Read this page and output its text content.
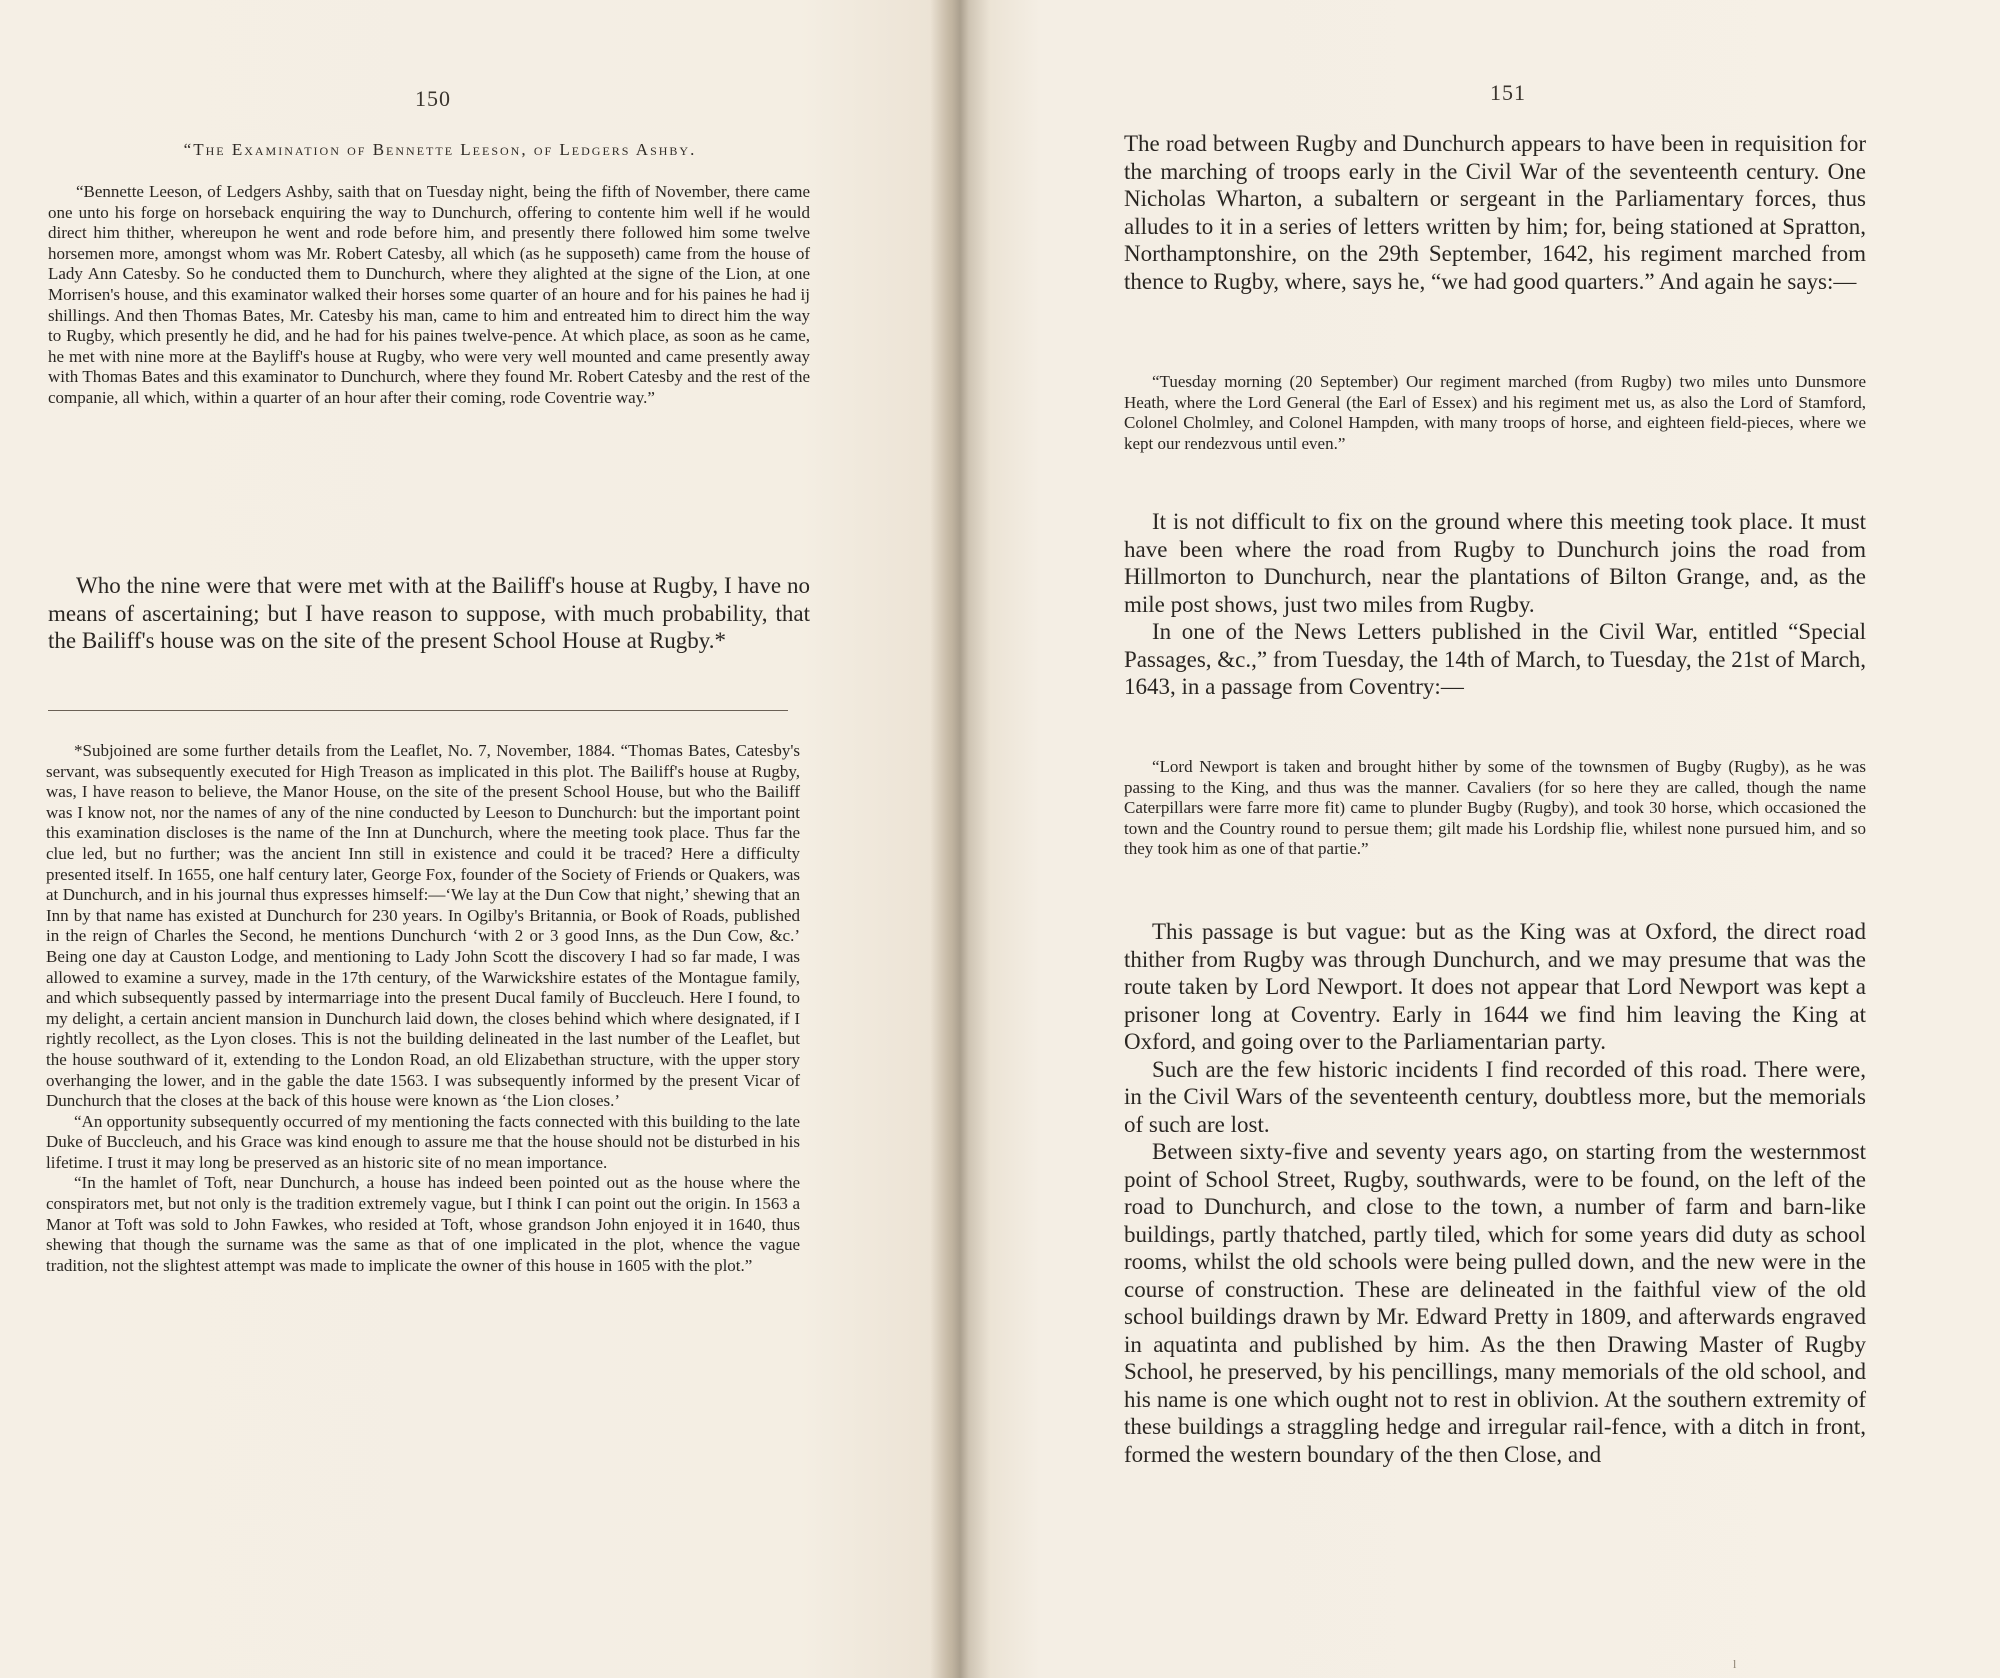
150
“The Examination of Bennette Leeson, of Ledgers Ashby.

“Bennette Leeson, of Ledgers Ashby, saith that on Tuesday night, being the fifth of November, there came one unto his forge on horseback enquiring the way to Dunchurch, offering to contente him well if he would direct him thither, whereupon he went and rode before him, and presently there followed him some twelve horsemen more, amongst whom was Mr. Robert Catesby, all which (as he supposeth) came from the house of Lady Ann Catesby. So he conducted them to Dunchurch, where they alighted at the signe of the Lion, at one Morrisen's house, and this examinator walked their horses some quarter of an houre and for his paines he had ij shillings. And then Thomas Bates, Mr. Catesby his man, came to him and entreated him to direct him the way to Rugby, which presently he did, and he had for his paines twelve-pence. At which place, as soon as he came, he met with nine more at the Bayliff's house at Rugby, who were very well mounted and came presently away with Thomas Bates and this examinator to Dunchurch, where they found Mr. Robert Catesby and the rest of the companie, all which, within a quarter of an hour after their coming, rode Coventrie way.”

Who the nine were that were met with at the Bailiff's house at Rugby, I have no means of ascertaining; but I have reason to suppose, with much probability, that the Bailiff's house was on the site of the present School House at Rugby.*

*Subjoined are some further details from the Leaflet, No. 7, November, 1884. “Thomas Bates, Catesby's servant, was subsequently executed for High Treason as implicated in this plot. The Bailiff's house at Rugby, was, I have reason to believe, the Manor House, on the site of the present School House, but who the Bailiff was I know not, nor the names of any of the nine conducted by Leeson to Dunchurch: but the important point this examination discloses is the name of the Inn at Dunchurch, where the meeting took place. Thus far the clue led, but no further; was the ancient Inn still in existence and could it be traced? Here a difficulty presented itself. In 1655, one half century later, George Fox, founder of the Society of Friends or Quakers, was at Dunchurch, and in his journal thus expresses himself:—‘We lay at the Dun Cow that night,’ shewing that an Inn by that name has existed at Dunchurch for 230 years. In Ogilby's Britannia, or Book of Roads, published in the reign of Charles the Second, he mentions Dunchurch ‘with 2 or 3 good Inns, as the Dun Cow, &c.’ Being one day at Causton Lodge, and mentioning to Lady John Scott the discovery I had so far made, I was allowed to examine a survey, made in the 17th century, of the Warwickshire estates of the Montague family, and which subsequently passed by intermarriage into the present Ducal family of Buccleuch. Here I found, to my delight, a certain ancient mansion in Dunchurch laid down, the closes behind which where designated, if I rightly recollect, as the Lyon closes. This is not the building delineated in the last number of the Leaflet, but the house southward of it, extending to the London Road, an old Elizabethan structure, with the upper story overhanging the lower, and in the gable the date 1563. I was subsequently informed by the present Vicar of Dunchurch that the closes at the back of this house were known as ‘the Lion closes.’

“An opportunity subsequently occurred of my mentioning the facts connected with this building to the late Duke of Buccleuch, and his Grace was kind enough to assure me that the house should not be disturbed in his lifetime. I trust it may long be preserved as an historic site of no mean importance.

“In the hamlet of Toft, near Dunchurch, a house has indeed been pointed out as the house where the conspirators met, but not only is the tradition extremely vague, but I think I can point out the origin. In 1563 a Manor at Toft was sold to John Fawkes, who resided at Toft, whose grandson John enjoyed it in 1640, thus shewing that though the surname was the same as that of one implicated in the plot, whence the vague tradition, not the slightest attempt was made to implicate the owner of this house in 1605 with the plot.”

151

The road between Rugby and Dunchurch appears to have been in requisition for the marching of troops early in the Civil War of the seventeenth century. One Nicholas Wharton, a subaltern or sergeant in the Parliamentary forces, thus alludes to it in a series of letters written by him; for, being stationed at Spratton, Northamptonshire, on the 29th September, 1642, his regiment marched from thence to Rugby, where, says he, “we had good quarters.” And again he says:—

“Tuesday morning (20 September) Our regiment marched (from Rugby) two miles unto Dunsmore Heath, where the Lord General (the Earl of Essex) and his regiment met us, as also the Lord of Stamford, Colonel Cholmley, and Colonel Hampden, with many troops of horse, and eighteen field-pieces, where we kept our rendezvous until even.”

It is not difficult to fix on the ground where this meeting took place. It must have been where the road from Rugby to Dunchurch joins the road from Hillmorton to Dunchurch, near the plantations of Bilton Grange, and, as the mile post shows, just two miles from Rugby.

In one of the News Letters published in the Civil War, entitled “Special Passages, &c.,” from Tuesday, the 14th of March, to Tuesday, the 21st of March, 1643, in a passage from Coventry:—

“Lord Newport is taken and brought hither by some of the townsmen of Bugby (Rugby), as he was passing to the King, and thus was the manner. Cavaliers (for so here they are called, though the name Caterpillars were farre more fit) came to plunder Bugby (Rugby), and took 30 horse, which occasioned the town and the Country round to persue them; gilt made his Lordship flie, whilest none pursued him, and so they took him as one of that partie.”

This passage is but vague: but as the King was at Oxford, the direct road thither from Rugby was through Dunchurch, and we may presume that was the route taken by Lord Newport. It does not appear that Lord Newport was kept a prisoner long at Coventry. Early in 1644 we find him leaving the King at Oxford, and going over to the Parliamentarian party.

Such are the few historic incidents I find recorded of this road. There were, in the Civil Wars of the seventeenth century, doubtless more, but the memorials of such are lost.

Between sixty-five and seventy years ago, on starting from the westernmost point of School Street, Rugby, southwards, were to be found, on the left of the road to Dunchurch, and close to the town, a number of farm and barn-like buildings, partly thatched, partly tiled, which for some years did duty as school rooms, whilst the old schools were being pulled down, and the new were in the course of construction. These are delineated in the faithful view of the old school buildings drawn by Mr. Edward Pretty in 1809, and afterwards engraved in aquatinta and published by him. As the then Drawing Master of Rugby School, he preserved, by his pencillings, many memorials of the old school, and his name is one which ought not to rest in oblivion. At the southern extremity of these buildings a straggling hedge and irregular rail-fence, with a ditch in front, formed the western boundary of the then Close, and

l
